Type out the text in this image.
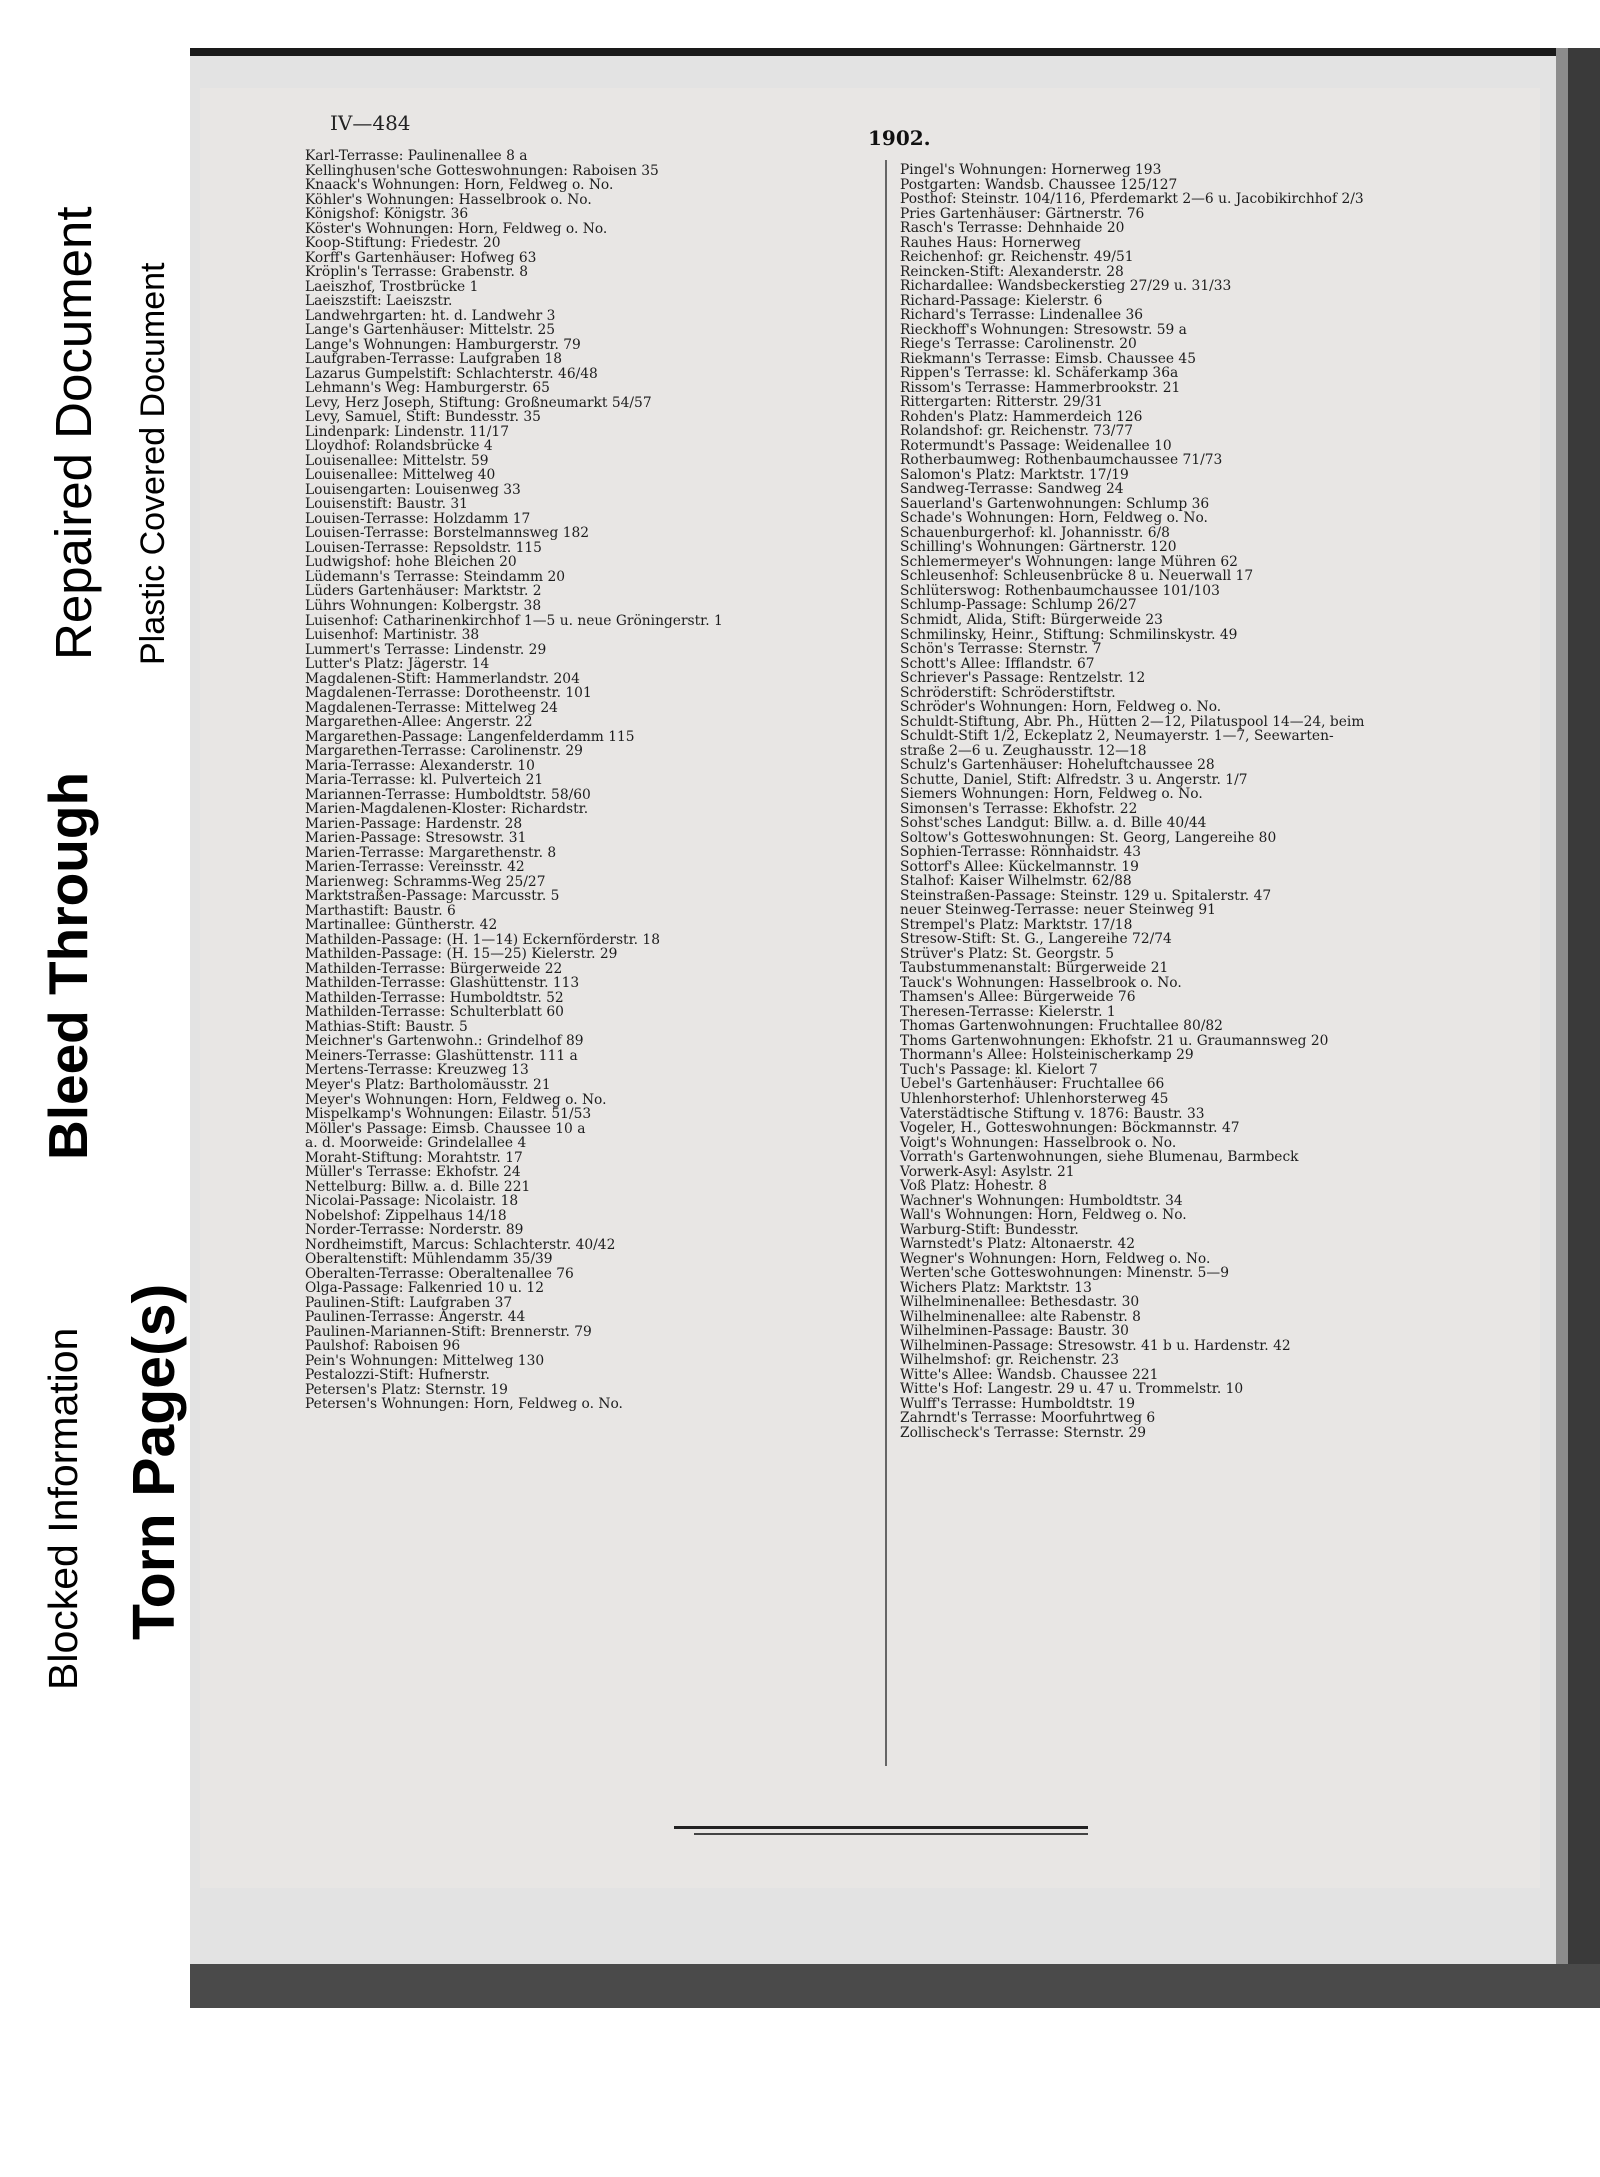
Blocked Information
Bleed Through
Repaired Document
Torn Page(s)
Plastic Covered Document
IV—484
1902.
Karl-Terrasse: Paulinenallee 8 a
Kellinghusen'sche Gotteswohnungen: Raboisen 35
Knaack's Wohnungen: Horn, Feldweg o. No.
Köhler's Wohnungen: Hasselbrook o. No.
Königshof: Königstr. 36
Köster's Wohnungen: Horn, Feldweg o. No.
Koop-Stiftung: Friedestr. 20
Korff's Gartenhäuser: Hofweg 63
Kröplin's Terrasse: Grabenstr. 8
Laeiszhof, Trostbrücke 1
Laeiszstift: Laeiszstr.
Landwehrgarten: ht. d. Landwehr 3
Lange's Gartenhäuser: Mittelstr. 25
Lange's Wohnungen: Hamburgerstr. 79
Laufgraben-Terrasse: Laufgraben 18
Lazarus Gumpelstift: Schlachterstr. 46/48
Lehmann's Weg: Hamburgerstr. 65
Levy, Herz Joseph, Stiftung: Großneumarkt 54/57
Levy, Samuel, Stift: Bundesstr. 35
Lindenpark: Lindenstr. 11/17
Lloydhof: Rolandsbrücke 4
Louisenallee: Mittelstr. 59
Louisenallee: Mittelweg 40
Louisengarten: Louisenweg 33
Louisenstift: Baustr. 31
Louisen-Terrasse: Holzdamm 17
Louisen-Terrasse: Borstelmannsweg 182
Louisen-Terrasse: Repsoldstr. 115
Ludwigshof: hohe Bleichen 20
Lüdemann's Terrasse: Steindamm 20
Lüders Gartenhäuser: Marktstr. 2
Lührs Wohnungen: Kolbergstr. 38
Luisenhof: Catharinenkirchhof 1—5 u. neue Gröningerstr. 1
Luisenhof: Martinistr. 38
Lummert's Terrasse: Lindenstr. 29
Lutter's Platz: Jägerstr. 14
Magdalenen-Stift: Hammerlandstr. 204
Magdalenen-Terrasse: Dorotheenstr. 101
Magdalenen-Terrasse: Mittelweg 24
Margarethen-Allee: Angerstr. 22
Margarethen-Passage: Langenfelderdamm 115
Margarethen-Terrasse: Carolinenstr. 29
Maria-Terrasse: Alexanderstr. 10
Maria-Terrasse: kl. Pulverteich 21
Mariannen-Terrasse: Humboldtstr. 58/60
Marien-Magdalenen-Kloster: Richardstr.
Marien-Passage: Hardenstr. 28
Marien-Passage: Stresowstr. 31
Marien-Terrasse: Margarethenstr. 8
Marien-Terrasse: Vereinsstr. 42
Marienweg: Schramms-Weg 25/27
Marktstraßen-Passage: Marcusstr. 5
Marthastift: Baustr. 6
Martinallee: Güntherstr. 42
Mathilden-Passage: (H. 1—14) Eckernförderstr. 18
Mathilden-Passage: (H. 15—25) Kielerstr. 29
Mathilden-Terrasse: Bürgerweide 22
Mathilden-Terrasse: Glashüttenstr. 113
Mathilden-Terrasse: Humboldtstr. 52
Mathilden-Terrasse: Schulterblatt 60
Mathias-Stift: Baustr. 5
Meichner's Gartenwohn.: Grindelhof 89
Meiners-Terrasse: Glashüttenstr. 111 a
Mertens-Terrasse: Kreuzweg 13
Meyer's Platz: Bartholomäusstr. 21
Meyer's Wohnungen: Horn, Feldweg o. No.
Mispelkamp's Wohnungen: Eilastr. 51/53
Möller's Passage: Eimsb. Chaussee 10 a
a. d. Moorweide: Grindelallee 4
Moraht-Stiftung: Morahtstr. 17
Müller's Terrasse: Ekhofstr. 24
Nettelburg: Billw. a. d. Bille 221
Nicolai-Passage: Nicolaistr. 18
Nobelshof: Zippelhaus 14/18
Norder-Terrasse: Norderstr. 89
Nordheimstift, Marcus: Schlachterstr. 40/42
Oberaltenstift: Mühlendamm 35/39
Oberalten-Terrasse: Oberaltenallee 76
Olga-Passage: Falkenried 10 u. 12
Paulinen-Stift: Laufgraben 37
Paulinen-Terrasse: Angerstr. 44
Paulinen-Mariannen-Stift: Brennerstr. 79
Paulshof: Raboisen 96
Pein's Wohnungen: Mittelweg 130
Pestalozzi-Stift: Hufnerstr.
Petersen's Platz: Sternstr. 19
Petersen's Wohnungen: Horn, Feldweg o. No.
Pingel's Wohnungen: Hornerweg 193
Postgarten: Wandsb. Chaussee 125/127
Posthof: Steinstr. 104/116, Pferdemarkt 2—6 u. Jacobikirchhof 2/3
Pries Gartenhäuser: Gärtnerstr. 76
Rasch's Terrasse: Dehnhaide 20
Rauhes Haus: Hornerweg
Reichenhof: gr. Reichenstr. 49/51
Reincken-Stift: Alexanderstr. 28
Richardallee: Wandsbeckerstieg 27/29 u. 31/33
Richard-Passage: Kielerstr. 6
Richard's Terrasse: Lindenallee 36
Rieckhoff's Wohnungen: Stresowstr. 59 a
Riege's Terrasse: Carolinenstr. 20
Riekmann's Terrasse: Eimsb. Chaussee 45
Rippen's Terrasse: kl. Schäferkamp 36a
Rissom's Terrasse: Hammerbrookstr. 21
Rittergarten: Ritterstr. 29/31
Rohden's Platz: Hammerdeich 126
Rolandshof: gr. Reichenstr. 73/77
Rotermundt's Passage: Weidenallee 10
Rotherbaumweg: Rothenbaumchaussee 71/73
Salomon's Platz: Marktstr. 17/19
Sandweg-Terrasse: Sandweg 24
Sauerland's Gartenwohnungen: Schlump 36
Schade's Wohnungen: Horn, Feldweg o. No.
Schauenburgerhof: kl. Johannisstr. 6/8
Schilling's Wohnungen: Gärtnerstr. 120
Schlemermeyer's Wohnungen: lange Mühren 62
Schleusenhof: Schleusenbrücke 8 u. Neuerwall 17
Schlüterswog: Rothenbaumchaussee 101/103
Schlump-Passage: Schlump 26/27
Schmidt, Alida, Stift: Bürgerweide 23
Schmilinsky, Heinr., Stiftung: Schmilinskystr. 49
Schön's Terrasse: Sternstr. 7
Schott's Allee: Ifflandstr. 67
Schriever's Passage: Rentzelstr. 12
Schröderstift: Schröderstiftstr.
Schröder's Wohnungen: Horn, Feldweg o. No.
Schuldt-Stiftung, Abr. Ph., Hütten 2—12, Pilatuspool 14—24, beim
Schuldt-Stift 1/2, Eckeplatz 2, Neumayerstr. 1—7, Seewarten-
straße 2—6 u. Zeughausstr. 12—18
Schulz's Gartenhäuser: Hoheluftchaussee 28
Schutte, Daniel, Stift: Alfredstr. 3 u. Angerstr. 1/7
Siemers Wohnungen: Horn, Feldweg o. No.
Simonsen's Terrasse: Ekhofstr. 22
Sohst'sches Landgut: Billw. a. d. Bille 40/44
Soltow's Gotteswohnungen: St. Georg, Langereihe 80
Sophien-Terrasse: Rönnhaidstr. 43
Sottorf's Allee: Kückelmannstr. 19
Stalhof: Kaiser Wilhelmstr. 62/88
Steinstraßen-Passage: Steinstr. 129 u. Spitalerstr. 47
neuer Steinweg-Terrasse: neuer Steinweg 91
Strempel's Platz: Marktstr. 17/18
Stresow-Stift: St. G., Langereihe 72/74
Strüver's Platz: St. Georgstr. 5
Taubstummenanstalt: Bürgerweide 21
Tauck's Wohnungen: Hasselbrook o. No.
Thamsen's Allee: Bürgerweide 76
Theresen-Terrasse: Kielerstr. 1
Thomas Gartenwohnungen: Fruchtallee 80/82
Thoms Gartenwohnungen: Ekhofstr. 21 u. Graumannsweg 20
Thormann's Allee: Holsteinischerkamp 29
Tuch's Passage: kl. Kielort 7
Uebel's Gartenhäuser: Fruchtallee 66
Uhlenhorsterhof: Uhlenhorsterweg 45
Vaterstädtische Stiftung v. 1876: Baustr. 33
Vogeler, H., Gotteswohnungen: Böckmannstr. 47
Voigt's Wohnungen: Hasselbrook o. No.
Vorrath's Gartenwohnungen, siehe Blumenau, Barmbeck
Vorwerk-Asyl: Asylstr. 21
Voß Platz: Hohestr. 8
Wachner's Wohnungen: Humboldtstr. 34
Wall's Wohnungen: Horn, Feldweg o. No.
Warburg-Stift: Bundesstr.
Warnstedt's Platz: Altonaerstr. 42
Wegner's Wohnungen: Horn, Feldweg o. No.
Werten'sche Gotteswohnungen: Minenstr. 5—9
Wichers Platz: Marktstr. 13
Wilhelminenallee: Bethesdastr. 30
Wilhelminenallee: alte Rabenstr. 8
Wilhelminen-Passage: Baustr. 30
Wilhelminen-Passage: Stresowstr. 41 b u. Hardenstr. 42
Wilhelmshof: gr. Reichenstr. 23
Witte's Allee: Wandsb. Chaussee 221
Witte's Hof: Langestr. 29 u. 47 u. Trommelstr. 10
Wulff's Terrasse: Humboldtstr. 19
Zahrndt's Terrasse: Moorfuhrtweg 6
Zollischeck's Terrasse: Sternstr. 29
